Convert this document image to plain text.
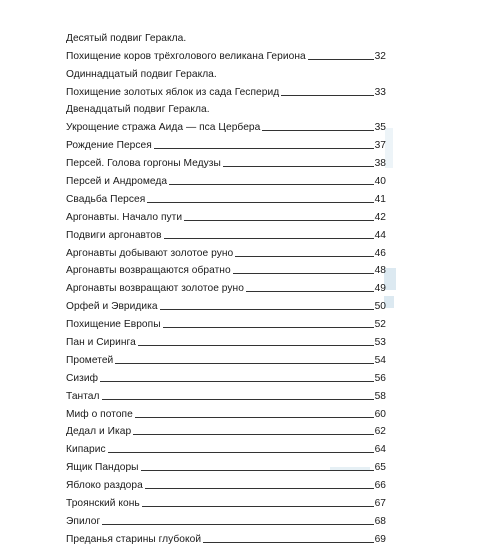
Десятый подвиг Геракла.
Похищение коров трёхголового великана Гериона	32
Одиннадцатый подвиг Геракла.
Похищение золотых яблок из сада Гесперид	33
Двенадцатый подвиг Геракла.
Укрощение стража Аида — пса Цербера	35
Рождение Персея	37
Персей. Голова горгоны Медузы	38
Персей и Андромеда	40
Свадьба Персея	41
Аргонавты. Начало пути	42
Подвиги аргонавтов	44
Аргонавты добывают золотое руно	46
Аргонавты возвращаются обратно	48
Аргонавты возвращают золотое руно	49
Орфей и Эвридика	50
Похищение Европы	52
Пан и Сиринга	53
Прометей	54
Сизиф	56
Тантал	58
Миф о потопе	60
Дедал и Икар	62
Кипарис	64
Ящик Пандоры	65
Яблоко раздора	66
Троянский конь	67
Эпилог	68
Преданья старины глубокой	69
